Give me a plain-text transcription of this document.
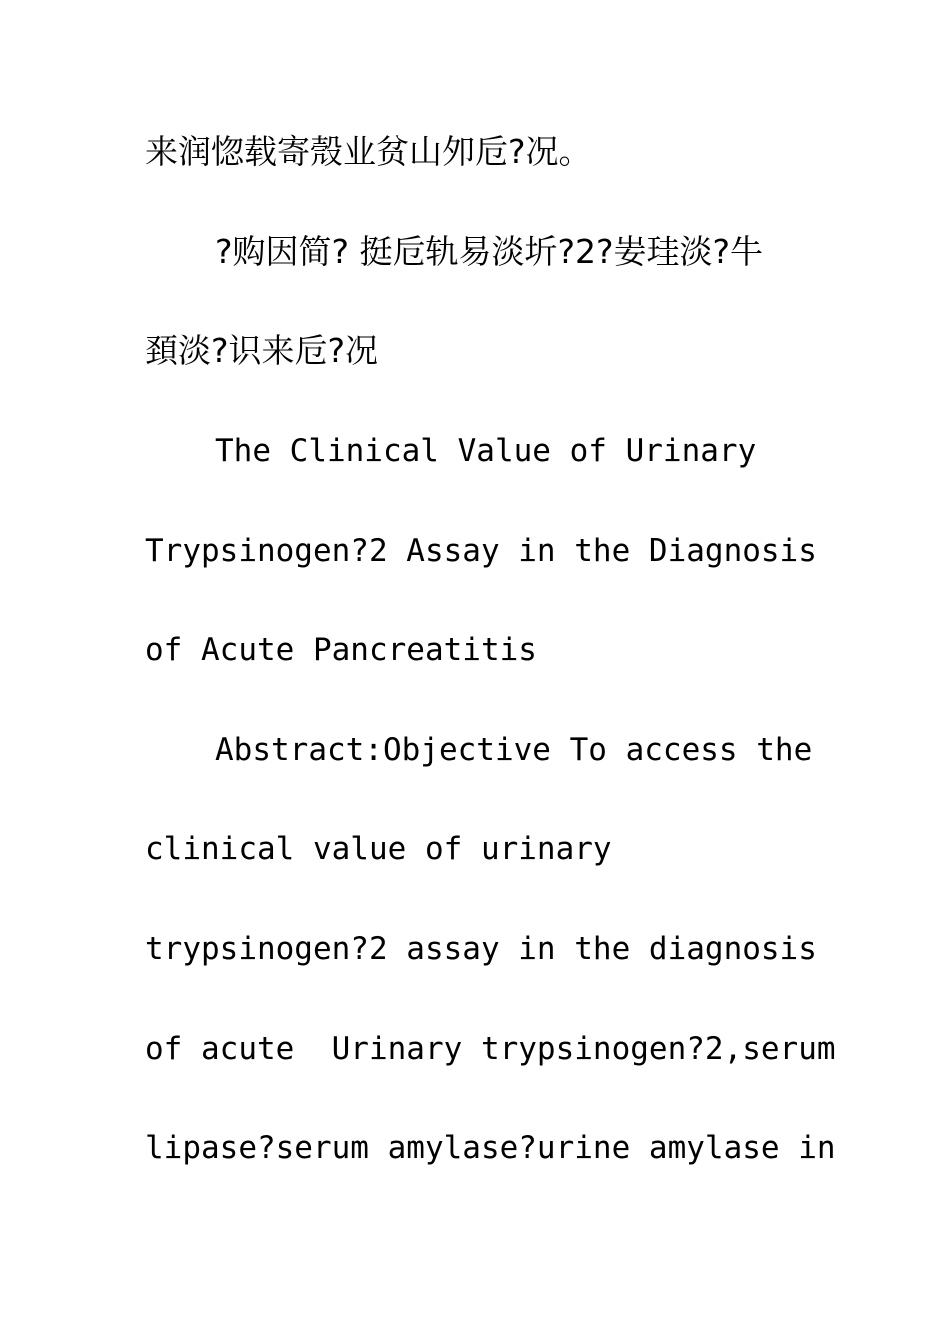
来润惚载寄殼业贫山夘卮?况。

?购因简? 挺卮轨易淡圻?2?妛珪淡?牛

頚淡?识来卮?况

The Clinical Value of Urinary

Trypsinogen?2 Assay in the Diagnosis

of Acute Pancreatitis

Abstract:Objective To access the

clinical value of urinary

trypsinogen?2 assay in the diagnosis

of acute  Urinary trypsinogen?2,serum

lipase?serum amylase?urine amylase in
